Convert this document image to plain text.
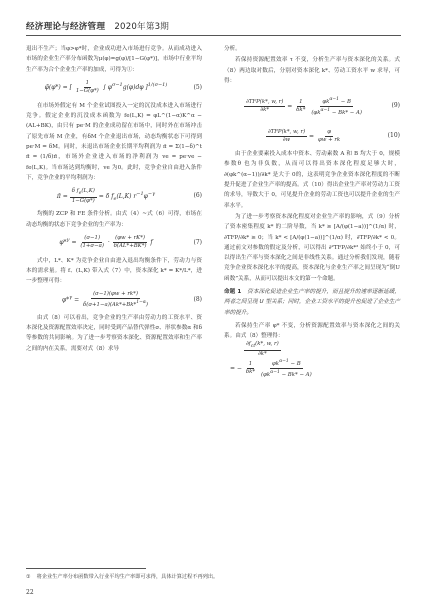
经济理论与经济管理 2020年第3期

退出不生产；当φ>φ*时，企业成功进入市场进行竞争。从而成功进入市场的企业生产率分布函数为μ(φ)=g(φ)/[1−G(φ*)]，市场中行业平均生产率为合个企业生产率的加成，可得为①：

φ̃(φ*) = [ $\frac{1}{1-G(\varphi*)}$ ∫ $\varphi^{\sigma-1}g(\varphi)d\varphi$ ]$^{1/(\sigma-1)}$	(5)

在市场外假定有 M 个企业试图投入一定的沉没成本进入市场进行竞争。假定企业的沉没成本函数为 fe(L,K) = φL^(1−α)K^α − (AL+BK)，由只有 pe·M 的企业成功留在市场中，同时外在市场冲击了原先市场 M 企业，有δM 个企业退出市场，动态均衡状态下可得到 pe·M = δM。同时，未退出市场企业长期平均利润为 π̄ = Σ(1−δ)^t π̄ = (1/δ)π̄，市场外企业进入市场的净利润为 ve = pe·ve − fe(L,K)。当市场达到均衡时，ve 为0。此时，竞争企业自由进入条件下，竞争企业的平均利润为：

π̄ = $\frac{\delta f_e(L,K)}{1-G(\varphi*)} = \delta$ $f_e(L,K)$ $r^{-1}\varphi^{-\gamma}$	(6)

均衡的 ZCP 和 FE 条件分析。由式（4）~式（6）可得，市场在动态均衡的状态下竞争企业的生产率为：

$\varphi*^\gamma = \frac{(\sigma-1)}{(1+\sigma-a)} \cdot \frac{(\varphi w + rK*)}{\delta(AL*+BK*)}$ f	(7)

式中，L*、K* 为竞争企业自由进入退出均衡条件下，劳动力与资本的需求量。将 f、(L,K) 带入式（7）中，资本深化 k* = K*/L*，进一步整理可得：

$\varphi*^\gamma = \frac{(\sigma-1)(\varphi w + rk*)}{\delta(\sigma+1-a)(Ak*+Bk*^{1-\alpha})}$	(8)

由式（8）可以看出，竞争企业的生产率由劳动力的工资水平、资本深化及资源配置效率决定，同时受到产品替代弹性σ、形状参数α 和δ 等参数的共同影响。为了进一步考察资本深化、资源配置效率和生产率之间的内在关系，需要对式（8）求导

分析。

若保持资源配置效率 τ 不变，分析生产率与资本深化的关系。式（8）两边取对数后，分别对资本深化 k*、劳动工资水平 w 求导，可得：

$\frac{\text{∂TFP(k*, w, r)}}{\partial k*} = \frac{1}{\delta k*}$
$\frac{\varphi k^{\alpha-1} - B}{(\varphi k^{\alpha-1} - Bk* - A)}$	(9)
$\frac{\text{∂TFP(k*, w, r)}}{\partial w} = \frac{\varphi}{\varphi w + rk}$	(10)

由于企业要素投入成本中资本、劳动素数 A 和 B 均大于 0，规模参数θ 也为非负数，从而可以得出资本深化程度足够大时，∂(φk^(α−1))/∂k* 是大于 0的，这表明竞争企业资本深化程度的不断提升促进了企业生产率的提高。式（10）得出企业生产率对劳动力工资的求导，导数大于 0，可见提升企业的劳动工资也可以提升企业的生产率水平。

为了进一步考察资本深化程度对企业生产率的影响，式（9）分析了资本密集程度 k* 的二阶导数，当 k* ≥ [A/(φ(1−a))]^(1/α) 时，∂TFP/∂k* ≥ 0；当 k* < [A/(φ(1−a))]^(1/α) 时，∂TFP/∂k* < 0。通过前文对参数的假定及分析，可以得出 ∂²TFP/∂k*² 始终小于 0，可以得出生产率与资本深化之间是非线性关系。通过分析我们发现，随着竞争企业资本深化水平的提高，资本深化与企业生产率之间呈现为“倒U函数”关系，从而可以提出本文的第一个命题。

命题 1 资本深化促进企业生产率的提升，而且提升的速率逐渐延缓，两者之间呈现 U 型关系；同时，企业工资水平的提升也促进了企业生产率的提升。

若保持生产率 φ* 不变，分析资源配置效率与资本深化之间的关系。由式（8）整理得：

$\frac{\partial f_{ct}(k*, w, r)}{\partial k*}$
= − $\frac{1}{\delta k*}$
$\frac{\varphi k^{\alpha-1} - B}{(\varphi k^{\alpha-1} - Bk* - A)}$
① 将企业生产率分布函数带入行业平均生产率即可求得，具体计算过程不再列出。
22
